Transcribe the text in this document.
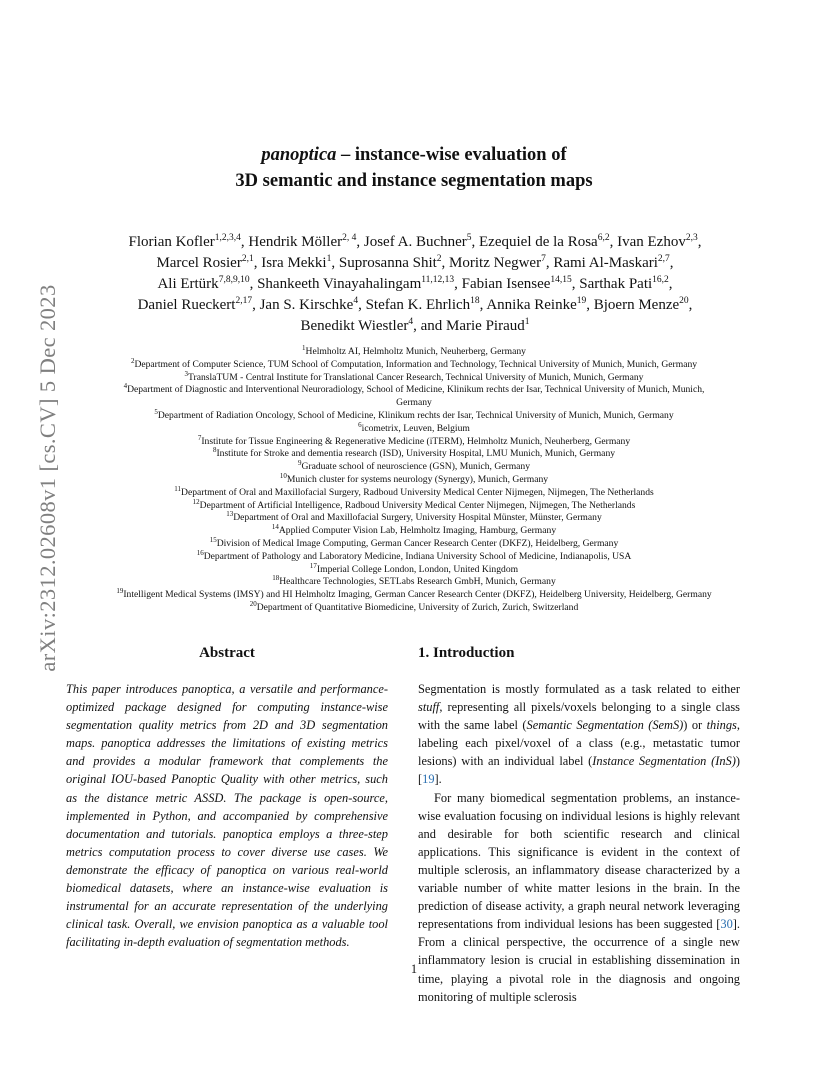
panoptica – instance-wise evaluation of
3D semantic and instance segmentation maps
arXiv:2312.02608v1 [cs.CV] 5 Dec 2023
Florian Kofler$^{1,2,3,4}$, Hendrik Möller$^{2, 4}$, Josef A. Buchner$^5$, Ezequiel de la Rosa$^{6,2}$, Ivan Ezhov$^{2,3}$,
Marcel Rosier$^{2,1}$, Isra Mekki$^1$, Suprosanna Shit$^2$, Moritz Negwer$^7$, Rami Al-Maskari$^{2,7}$,
Ali Ertürk$^{7,8,9,10}$, Shankeeth Vinayahalingam$^{11,12,13}$, Fabian Isensee$^{14,15}$, Sarthak Pati$^{16,2}$,
Daniel Rueckert$^{2,17}$, Jan S. Kirschke$^4$, Stefan K. Ehrlich$^{18}$, Annika Reinke$^{19}$, Bjoern Menze$^{20}$,
Benedikt Wiestler$^4$, and Marie Piraud$^1$
$^1$Helmholtz AI, Helmholtz Munich, Neuherberg, Germany
$^2$Department of Computer Science, TUM School of Computation, Information and Technology, Technical University of Munich, Munich, Germany
$^3$TranslaTUM - Central Institute for Translational Cancer Research, Technical University of Munich, Munich, Germany
$^4$Department of Diagnostic and Interventional Neuroradiology, School of Medicine, Klinikum rechts der Isar, Technical University of Munich, Munich,
Germany
$^5$Department of Radiation Oncology, School of Medicine, Klinikum rechts der Isar, Technical University of Munich, Munich, Germany
$^6$icometrix, Leuven, Belgium
$^7$Institute for Tissue Engineering & Regenerative Medicine (iTERM), Helmholtz Munich, Neuherberg, Germany
$^8$Institute for Stroke and dementia research (ISD), University Hospital, LMU Munich, Munich, Germany
$^9$Graduate school of neuroscience (GSN), Munich, Germany
$^{10}$Munich cluster for systems neurology (Synergy), Munich, Germany
$^{11}$Department of Oral and Maxillofacial Surgery, Radboud University Medical Center Nijmegen, Nijmegen, The Netherlands
$^{12}$Department of Artificial Intelligence, Radboud University Medical Center Nijmegen, Nijmegen, The Netherlands
$^{13}$Department of Oral and Maxillofacial Surgery, University Hospital Münster, Münster, Germany
$^{14}$Applied Computer Vision Lab, Helmholtz Imaging, Hamburg, Germany
$^{15}$Division of Medical Image Computing, German Cancer Research Center (DKFZ), Heidelberg, Germany
$^{16}$Department of Pathology and Laboratory Medicine, Indiana University School of Medicine, Indianapolis, USA
$^{17}$Imperial College London, London, United Kingdom
$^{18}$Healthcare Technologies, SETLabs Research GmbH, Munich, Germany
$^{19}$Intelligent Medical Systems (IMSY) and HI Helmholtz Imaging, German Cancer Research Center (DKFZ), Heidelberg University, Heidelberg, Germany
$^{20}$Department of Quantitative Biomedicine, University of Zurich, Zurich, Switzerland
Abstract
This paper introduces panoptica, a versatile and performance-optimized package designed for computing instance-wise segmentation quality metrics from 2D and 3D segmentation maps. panoptica addresses the limitations of existing metrics and provides a modular framework that complements the original IOU-based Panoptic Quality with other metrics, such as the distance metric ASSD. The package is open-source, implemented in Python, and accompanied by comprehensive documentation and tutorials. panoptica employs a three-step metrics computation process to cover diverse use cases. We demonstrate the efficacy of panoptica on various real-world biomedical datasets, where an instance-wise evaluation is instrumental for an accurate representation of the underlying clinical task. Overall, we envision panoptica as a valuable tool facilitating in-depth evaluation of segmentation methods.
1. Introduction

Segmentation is mostly formulated as a task related to either stuff, representing all pixels/voxels belonging to a single class with the same label (Semantic Segmentation (SemS)) or things, labeling each pixel/voxel of a class (e.g., metastatic tumor lesions) with an individual label (Instance Segmentation (InS)) [19].

For many biomedical segmentation problems, an instance-wise evaluation focusing on individual lesions is highly relevant and desirable for both scientific research and clinical applications. This significance is evident in the context of multiple sclerosis, an inflammatory disease characterized by a variable number of white matter lesions in the brain. In the prediction of disease activity, a graph neural network leveraging representations from individual lesions has been suggested [30]. From a clinical perspective, the occurrence of a single new inflammatory lesion is crucial in establishing dissemination in time, playing a pivotal role in the diagnosis and ongoing monitoring of multiple sclerosis

1
